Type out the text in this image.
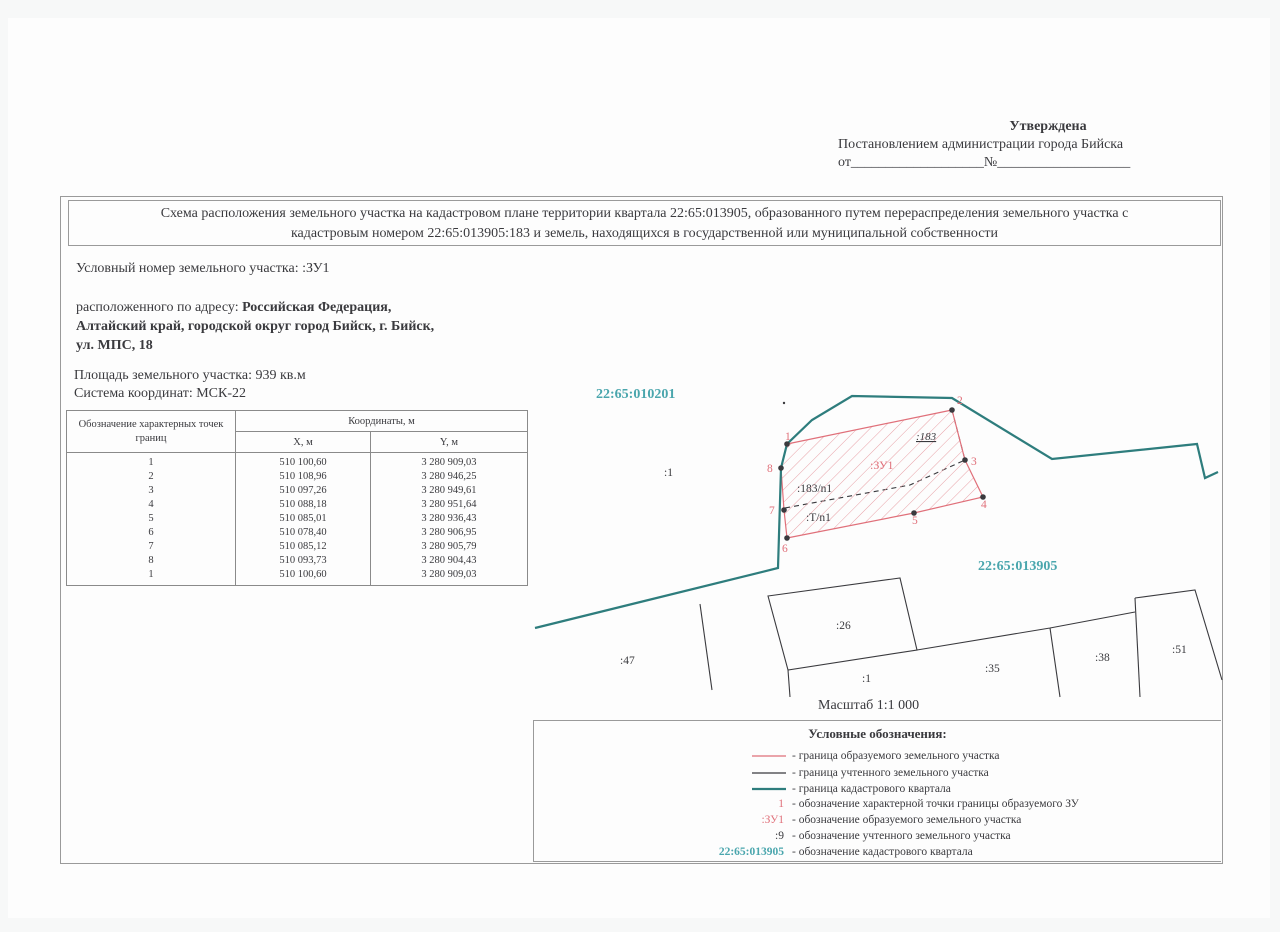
Утверждена
Постановлением администрации города Бийска
от___________________№___________________
Схема расположения земельного участка на кадастровом плане территории квартала 22:65:013905, образованного путем перераспределения земельного участка с
кадастровым номером 22:65:013905:183 и земель, находящихся в государственной или муниципальной собственности
Условный номер земельного участка: :ЗУ1
расположенного по адресу: Российская Федерация,
Алтайский край, городской округ город Бийск, г. Бийск,
ул. МПС, 18
Площадь земельного участка: 939 кв.м
Система координат: МСК-22
Обозначение характерных точек границ	Координаты, м	
	X, м	Y, м
1	510 100,60	3 280 909,03
2	510 108,96	3 280 946,25
3	510 097,26	3 280 949,61
4	510 088,18	3 280 951,64
5	510 085,01	3 280 936,43
6	510 078,40	3 280 906,95
7	510 085,12	3 280 905,79
8	510 093,73	3 280 904,43
1	510 100,60	3 280 909,03
1
2
3
4
5
6
7
8
22:65:010201
22:65:013905
:ЗУ1
:183
:183/n1
:Т/n1
:1
:26
:1
:47
:35
:38
:51
Масштаб 1:1 000
Условные обозначения:
- граница образуемого земельного участка
- граница учтенного земельного участка
- граница кадастрового квартала
1 - обозначение характерной точки границы образуемого ЗУ
:ЗУ1 - обозначение образуемого земельного участка
:9 - обозначение учтенного земельного участка
22:65:013905 - обозначение кадастрового квартала
